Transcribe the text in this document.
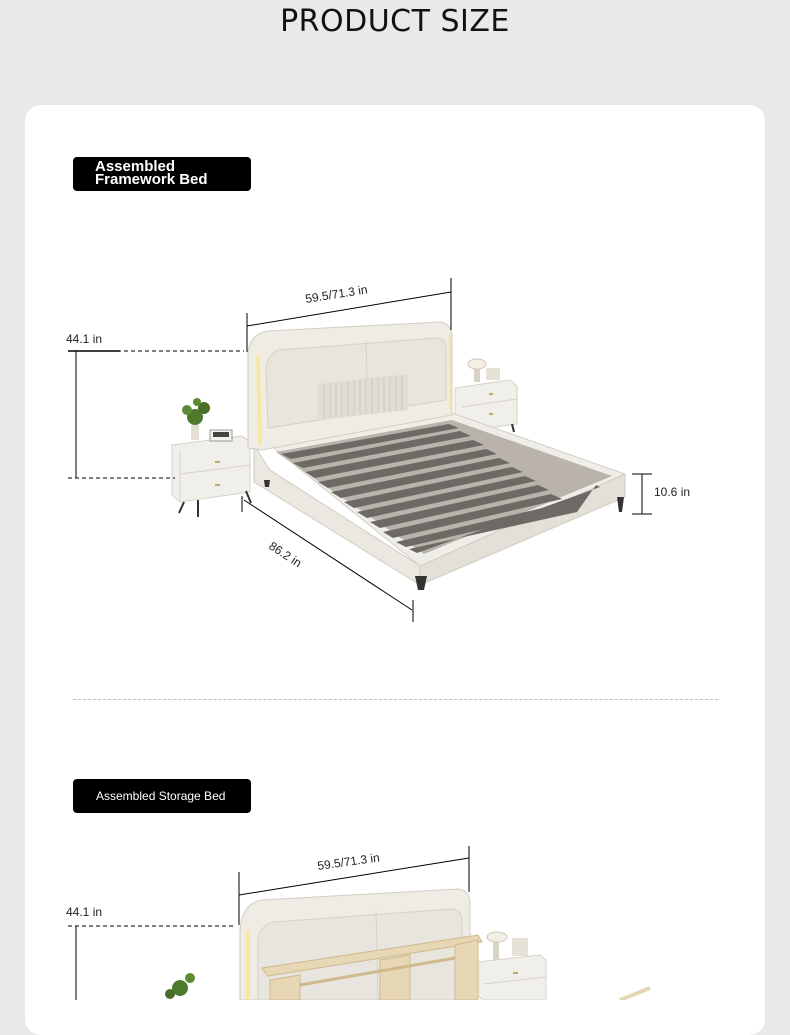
PRODUCT SIZE
Assembled
Framework Bed
Assembled Storage Bed
59.5/71.3 in
44.1 in
86.2 in
10.6 in
59.5/71.3 in
44.1 in
